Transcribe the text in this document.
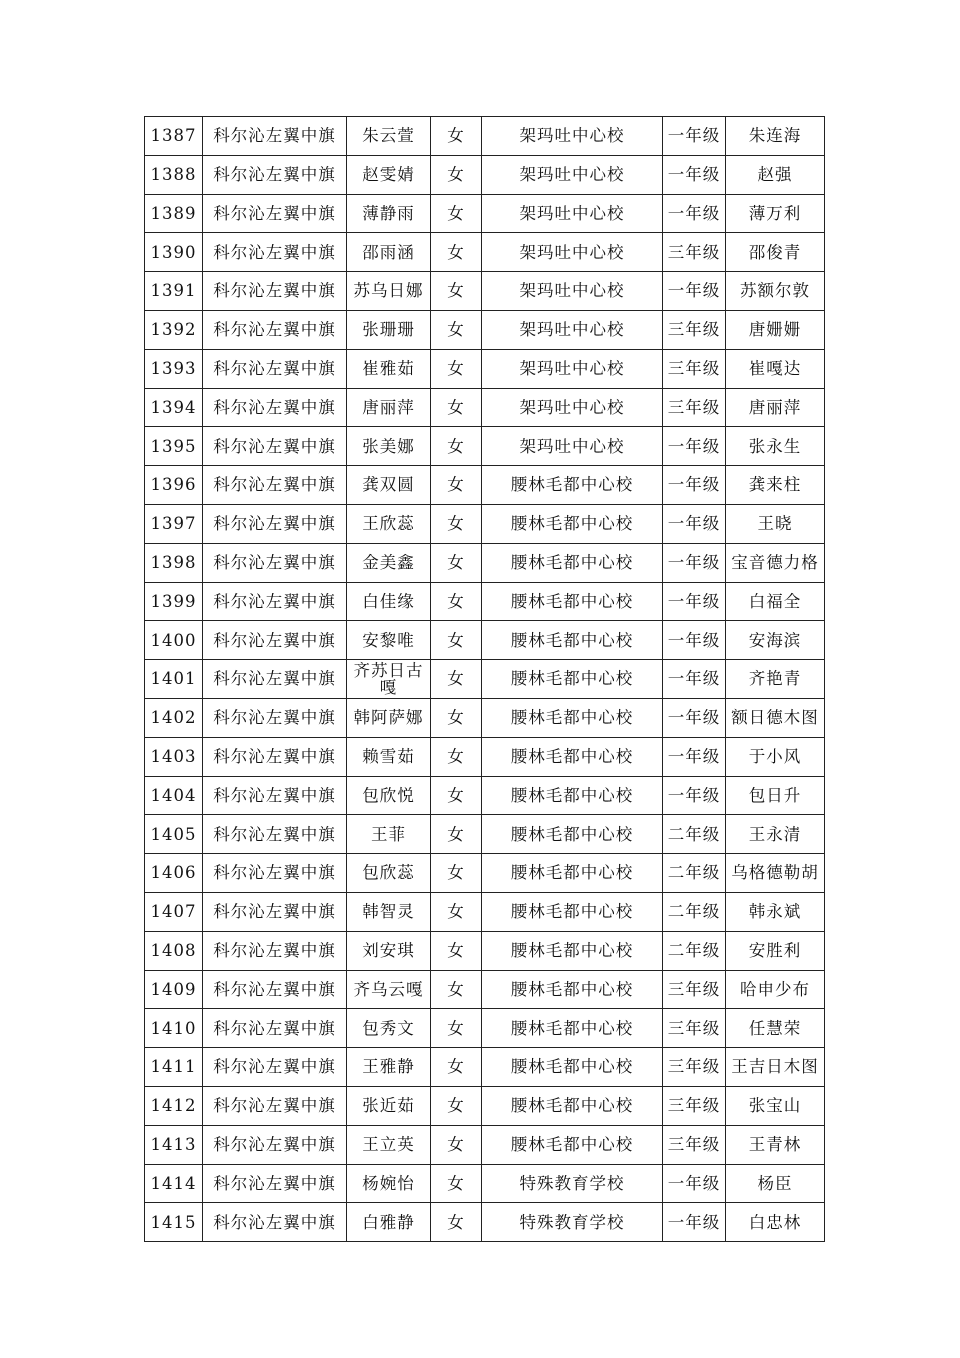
1387	科尔沁左翼中旗	朱云萱	女	架玛吐中心校	一年级	朱连海
1388	科尔沁左翼中旗	赵雯婧	女	架玛吐中心校	一年级	赵强
1389	科尔沁左翼中旗	薄静雨	女	架玛吐中心校	一年级	薄万利
1390	科尔沁左翼中旗	邵雨涵	女	架玛吐中心校	三年级	邵俊青
1391	科尔沁左翼中旗	苏乌日娜	女	架玛吐中心校	一年级	苏额尔敦
1392	科尔沁左翼中旗	张珊珊	女	架玛吐中心校	三年级	唐姗姗
1393	科尔沁左翼中旗	崔雅茹	女	架玛吐中心校	三年级	崔嘎达
1394	科尔沁左翼中旗	唐丽萍	女	架玛吐中心校	三年级	唐丽萍
1395	科尔沁左翼中旗	张美娜	女	架玛吐中心校	一年级	张永生
1396	科尔沁左翼中旗	龚双圆	女	腰林毛都中心校	一年级	龚来柱
1397	科尔沁左翼中旗	王欣蕊	女	腰林毛都中心校	一年级	王晓
1398	科尔沁左翼中旗	金美鑫	女	腰林毛都中心校	一年级	宝音德力格
1399	科尔沁左翼中旗	白佳缘	女	腰林毛都中心校	一年级	白福全
1400	科尔沁左翼中旗	安黎唯	女	腰林毛都中心校	一年级	安海滨
1401	科尔沁左翼中旗	齐苏日古嘎	女	腰林毛都中心校	一年级	齐艳青
1402	科尔沁左翼中旗	韩阿萨娜	女	腰林毛都中心校	一年级	额日德木图
1403	科尔沁左翼中旗	赖雪茹	女	腰林毛都中心校	一年级	于小风
1404	科尔沁左翼中旗	包欣悦	女	腰林毛都中心校	一年级	包日升
1405	科尔沁左翼中旗	王菲	女	腰林毛都中心校	二年级	王永清
1406	科尔沁左翼中旗	包欣蕊	女	腰林毛都中心校	二年级	乌格德勒胡
1407	科尔沁左翼中旗	韩智灵	女	腰林毛都中心校	二年级	韩永斌
1408	科尔沁左翼中旗	刘安琪	女	腰林毛都中心校	二年级	安胜利
1409	科尔沁左翼中旗	齐乌云嘎	女	腰林毛都中心校	三年级	哈申少布
1410	科尔沁左翼中旗	包秀文	女	腰林毛都中心校	三年级	任慧荣
1411	科尔沁左翼中旗	王雅静	女	腰林毛都中心校	三年级	王吉日木图
1412	科尔沁左翼中旗	张近茹	女	腰林毛都中心校	三年级	张宝山
1413	科尔沁左翼中旗	王立英	女	腰林毛都中心校	三年级	王青林
1414	科尔沁左翼中旗	杨婉怡	女	特殊教育学校	一年级	杨臣
1415	科尔沁左翼中旗	白雅静	女	特殊教育学校	一年级	白忠林
